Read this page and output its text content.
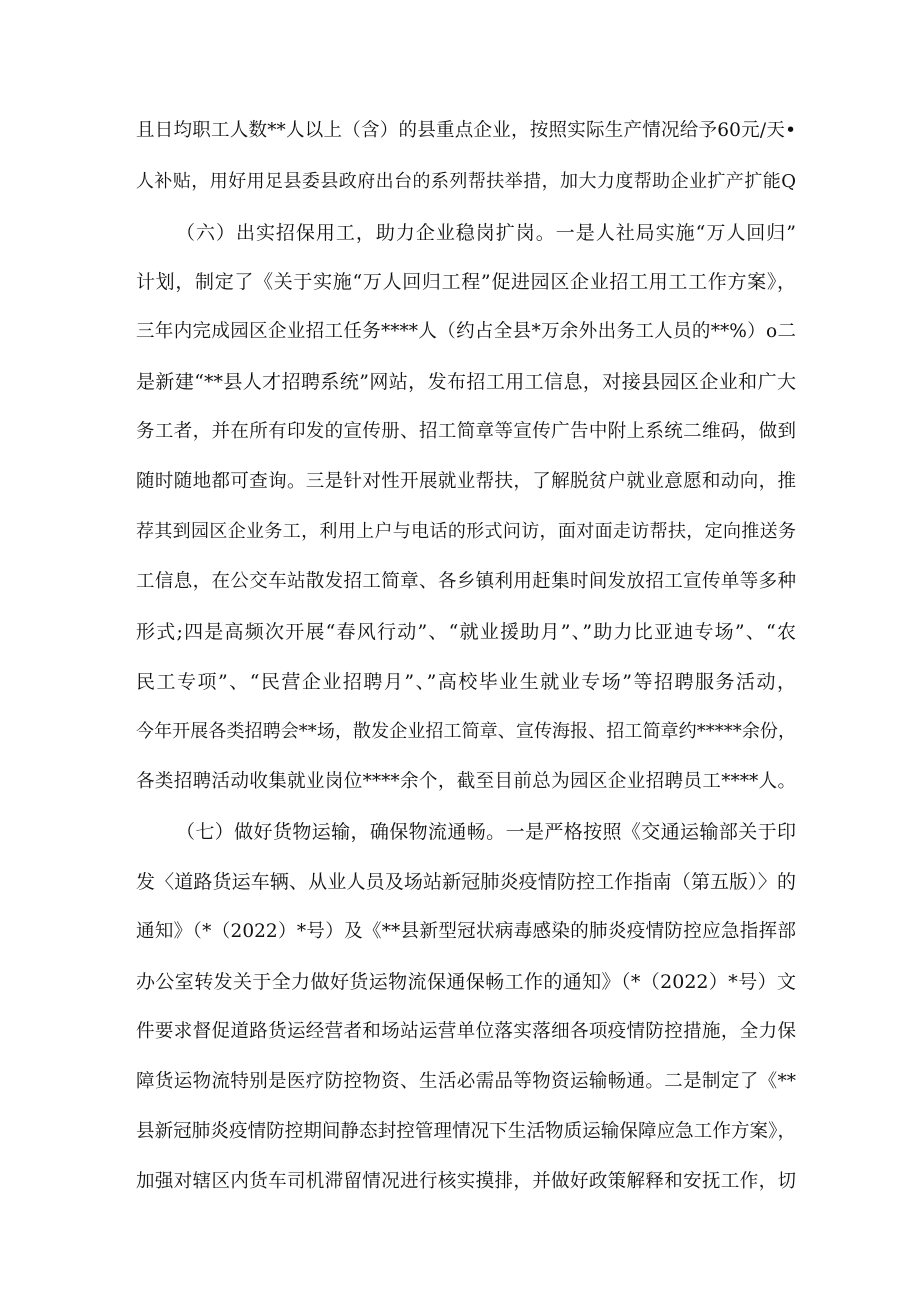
且日均职工人数**人以上（含）的县重点企业，按照实际生产情况给予60元/天•
人补贴，用好用足县委县政府出台的系列帮扶举措，加大力度帮助企业扩产扩能Q
（六）出实招保用工，助力企业稳岗扩岗。一是人社局实施“万人回归”
计划，制定了《关于实施“万人回归工程”促进园区企业招工用工工作方案》，
三年内完成园区企业招工任务****人（约占全县*万余外出务工人员的**%）o二
是新建“**县人才招聘系统”网站，发布招工用工信息，对接县园区企业和广大
务工者，并在所有印发的宣传册、招工简章等宣传广告中附上系统二维码，做到
随时随地都可查询。三是针对性开展就业帮扶，了解脱贫户就业意愿和动向，推
荐其到园区企业务工，利用上户与电话的形式问访，面对面走访帮扶，定向推送务
工信息，在公交车站散发招工简章、各乡镇利用赶集时间发放招工宣传单等多种
形式;四是高频次开展“春风行动”、“就业援助月”、”助力比亚迪专场”、“农
民工专项”、“民营企业招聘月”、”高校毕业生就业专场”等招聘服务活动，
今年开展各类招聘会**场，散发企业招工简章、宣传海报、招工简章约*****余份，
各类招聘活动收集就业岗位****余个，截至目前总为园区企业招聘员工****人。
（七）做好货物运输，确保物流通畅。一是严格按照《交通运输部关于印
发〈道路货运车辆、从业人员及场站新冠肺炎疫情防控工作指南（第五版）〉的
通知》（*（2022）*号）及《**县新型冠状病毒感染的肺炎疫情防控应急指挥部
办公室转发关于全力做好货运物流保通保畅工作的通知》（*（2022）*号）文
件要求督促道路货运经营者和场站运营单位落实落细各项疫情防控措施，全力保
障货运物流特别是医疗防控物资、生活必需品等物资运输畅通。二是制定了《**
县新冠肺炎疫情防控期间静态封控管理情况下生活物质运输保障应急工作方案》，
加强对辖区内货车司机滞留情况进行核实摸排，并做好政策解释和安抚工作，切
